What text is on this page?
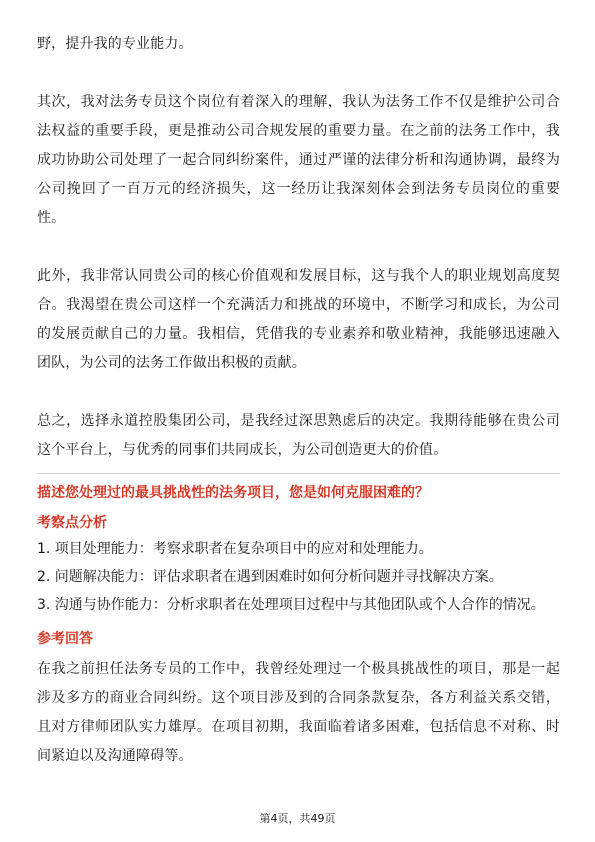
野，提升我的专业能力。

其次，我对法务专员这个岗位有着深入的理解，我认为法务工作不仅是维护公司合法权益的重要手段，更是推动公司合规发展的重要力量。在之前的法务工作中，我成功协助公司处理了一起合同纠纷案件，通过严谨的法律分析和沟通协调，最终为公司挽回了一百万元的经济损失，这一经历让我深刻体会到法务专员岗位的重要性。

此外，我非常认同贵公司的核心价值观和发展目标，这与我个人的职业规划高度契合。我渴望在贵公司这样一个充满活力和挑战的环境中，不断学习和成长，为公司的发展贡献自己的力量。我相信，凭借我的专业素养和敬业精神，我能够迅速融入团队，为公司的法务工作做出积极的贡献。

总之，选择永道控股集团公司，是我经过深思熟虑后的决定。我期待能够在贵公司这个平台上，与优秀的同事们共同成长，为公司创造更大的价值。

描述您处理过的最具挑战性的法务项目，您是如何克服困难的？

考察点分析

1. 项目处理能力：考察求职者在复杂项目中的应对和处理能力。

2. 问题解决能力：评估求职者在遇到困难时如何分析问题并寻找解决方案。

3. 沟通与协作能力：分析求职者在处理项目过程中与其他团队或个人合作的情况。

参考回答

在我之前担任法务专员的工作中，我曾经处理过一个极具挑战性的项目，那是一起涉及多方的商业合同纠纷。这个项目涉及到的合同条款复杂，各方利益关系交错，且对方律师团队实力雄厚。在项目初期，我面临着诸多困难，包括信息不对称、时间紧迫以及沟通障碍等。

第4页，共49页
